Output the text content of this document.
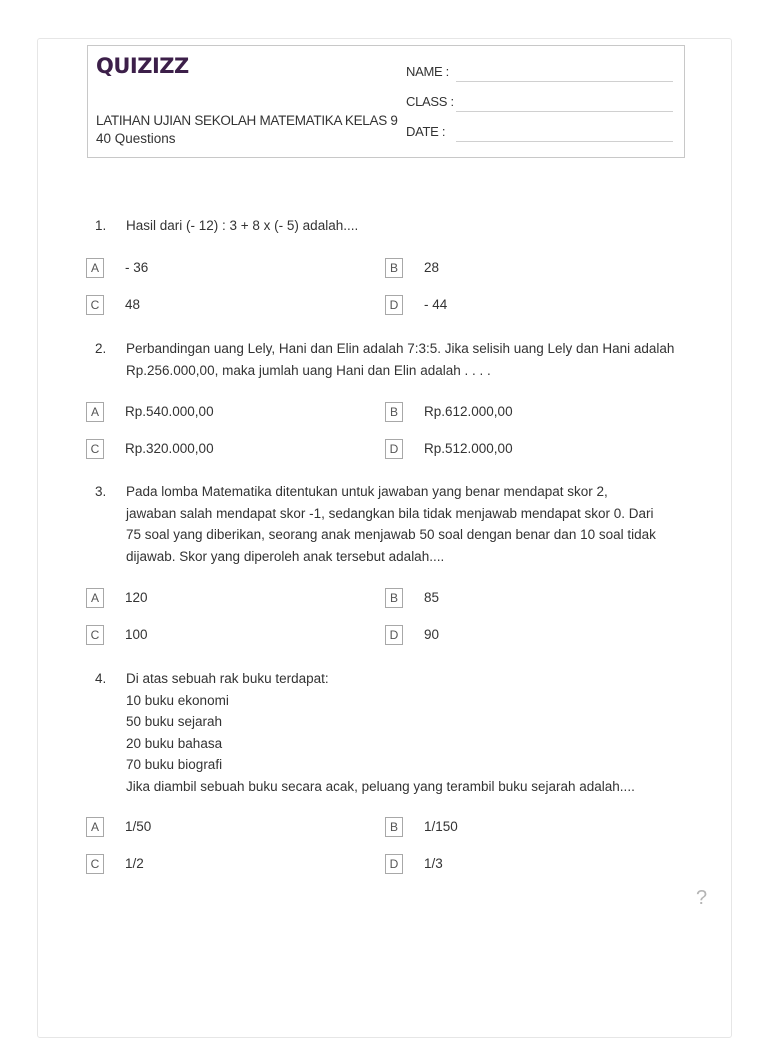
QUIZIZZ
LATIHAN UJIAN SEKOLAH MATEMATIKA KELAS 9
40 Questions
NAME :
CLASS :
DATE :
1. Hasil dari (- 12) : 3 + 8 x (- 5) adalah....
A	- 36	B	28
C	48	D	- 44
2. Perbandingan uang Lely, Hani dan Elin adalah 7:3:5. Jika selisih uang Lely dan Hani adalah
Rp.256.000,00, maka jumlah uang Hani dan Elin adalah . . . .
A	Rp.540.000,00	B	Rp.612.000,00
C	Rp.320.000,00	D	Rp.512.000,00
3. Pada lomba Matematika ditentukan untuk jawaban yang benar mendapat skor 2,
jawaban salah mendapat skor -1, sedangkan bila tidak menjawab mendapat skor 0. Dari
75 soal yang diberikan, seorang anak menjawab 50 soal dengan benar dan 10 soal tidak
dijawab. Skor yang diperoleh anak tersebut adalah....
A	120	B	85
C	100	D	90
4. Di atas sebuah rak buku terdapat:
10 buku ekonomi
50 buku sejarah
20 buku bahasa
70 buku biografi
Jika diambil sebuah buku secara acak, peluang yang terambil buku sejarah adalah....
A	1/50	B	1/150
C	1/2	D	1/3
?
